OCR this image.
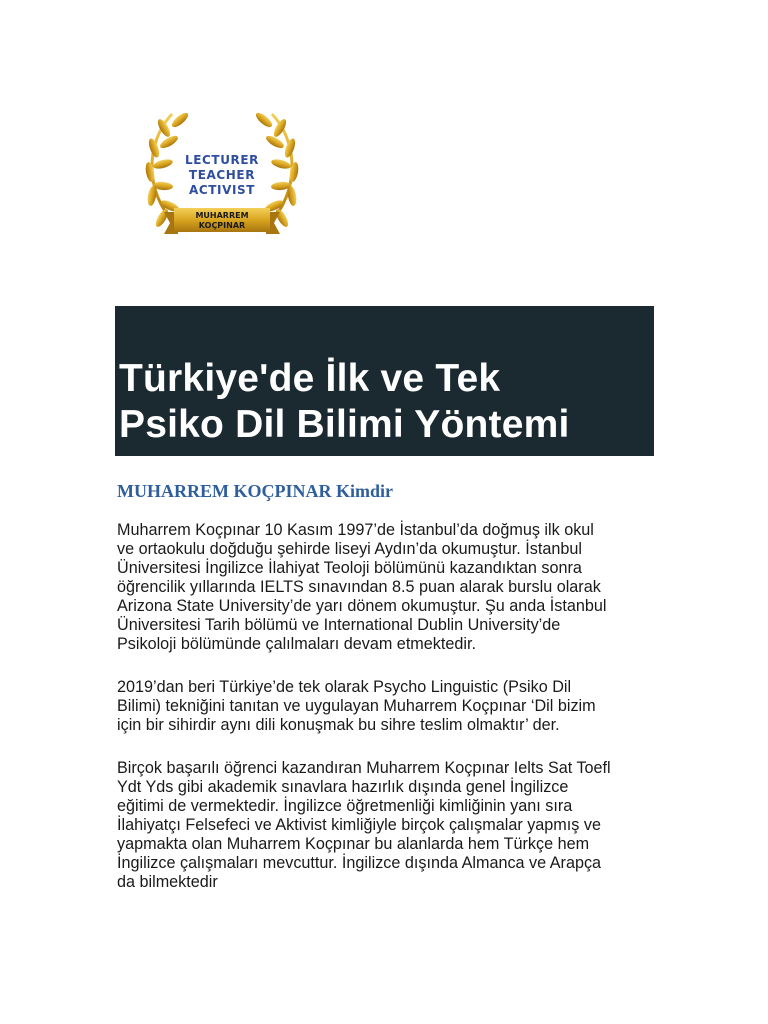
LECTURER
TEACHER
ACTIVIST
MUHARREM
KOÇPINAR
Türkiye'de İlk ve Tek
Psiko Dil Bilimi Yöntemi
MUHARREM KOÇPINAR Kimdir

Muharrem Koçpınar 10 Kasım 1997’de İstanbul’da doğmuş ilk okul
ve ortaokulu doğduğu şehirde liseyi Aydın’da okumuştur. İstanbul
Üniversitesi İngilizce İlahiyat Teoloji bölümünü kazandıktan sonra
öğrencilik yıllarında IELTS sınavından 8.5 puan alarak burslu olarak
Arizona State University’de yarı dönem okumuştur. Şu anda İstanbul
Üniversitesi Tarih bölümü ve International Dublin University’de
Psikoloji bölümünde çalılmaları devam etmektedir.

2019’dan beri Türkiye’de tek olarak Psycho Linguistic (Psiko Dil
Bilimi) tekniğini tanıtan ve uygulayan Muharrem Koçpınar ‘Dil bizim
için bir sihirdir aynı dili konuşmak bu sihre teslim olmaktır’ der.

Birçok başarılı öğrenci kazandıran Muharrem Koçpınar Ielts Sat Toefl
Ydt Yds gibi akademik sınavlara hazırlık dışında genel İngilizce
eğitimi de vermektedir. İngilizce öğretmenliği kimliğinin yanı sıra
İlahiyatçı Felsefeci ve Aktivist kimliğiyle birçok çalışmalar yapmış ve
yapmakta olan Muharrem Koçpınar bu alanlarda hem Türkçe hem
İngilizce çalışmaları mevcuttur. İngilizce dışında Almanca ve Arapça
da bilmektedir
